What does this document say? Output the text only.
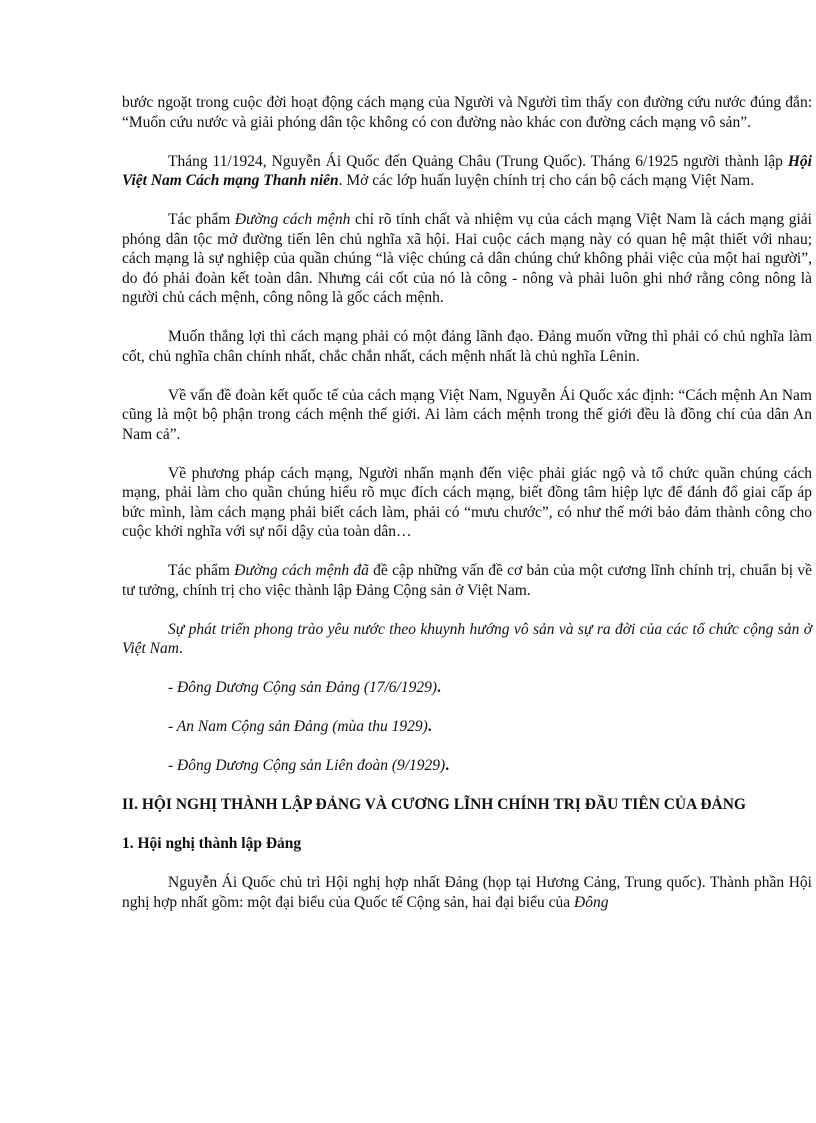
bước ngoặt trong cuộc đời hoạt động cách mạng của Người và Người tìm thấy con đường cứu nước đúng đắn: “Muốn cứu nước và giải phóng dân tộc không có con đường nào khác con đường cách mạng vô sản”.

Tháng 11/1924, Nguyễn Ái Quốc đến Quảng Châu (Trung Quốc). Tháng 6/1925 người thành lập Hội Việt Nam Cách mạng Thanh niên. Mở các lớp huấn luyện chính trị cho cán bộ cách mạng Việt Nam.

Tác phẩm Đường cách mệnh chỉ rõ tính chất và nhiệm vụ của cách mạng Việt Nam là cách mạng giải phóng dân tộc mở đường tiến lên chủ nghĩa xã hội. Hai cuộc cách mạng này có quan hệ mật thiết với nhau; cách mạng là sự nghiệp của quần chúng “là việc chúng cả dân chúng chứ không phải việc của một hai người”, do đó phải đoàn kết toàn dân. Nhưng cái cốt của nó là công - nông và phải luôn ghi nhớ rằng công nông là người chủ cách mệnh, công nông là gốc cách mệnh.

Muốn thắng lợi thì cách mạng phải có một đảng lãnh đạo. Đảng muốn vững thì phải có chủ nghĩa làm cốt, chủ nghĩa chân chính nhất, chắc chắn nhất, cách mệnh nhất là chủ nghĩa Lênin.

Về vấn đề đoàn kết quốc tế của cách mạng Việt Nam, Nguyễn Ái Quốc xác định: “Cách mệnh An Nam cũng là một bộ phận trong cách mệnh thế giới. Ai làm cách mệnh trong thế giới đều là đồng chí của dân An Nam cả”.

Về phương pháp cách mạng, Người nhấn mạnh đến việc phải giác ngộ và tổ chức quần chúng cách mạng, phải làm cho quần chúng hiểu rõ mục đích cách mạng, biết đồng tâm hiệp lực để đánh đổ giai cấp áp bức mình, làm cách mạng phải biết cách làm, phải có “mưu chước”, có như thế mới bảo đảm thành công cho cuộc khởi nghĩa với sự nổi dậy của toàn dân…

Tác phẩm Đường cách mệnh đã đề cập những vấn đề cơ bản của một cương lĩnh chính trị, chuẩn bị về tư tưởng, chính trị cho việc thành lập Đảng Cộng sản ở Việt Nam.

Sự phát triển phong trào yêu nước theo khuynh hướng vô sản và sự ra đời của các tổ chức cộng sản ở Việt Nam.

- Đông Dương Cộng sản Đảng (17/6/1929).

- An Nam Cộng sản Đảng (mùa thu 1929).

- Đông Dương Cộng sản Liên đoàn (9/1929).

II. HỘI NGHỊ THÀNH LẬP ĐẢNG VÀ CƯƠNG LĨNH CHÍNH TRỊ ĐẦU TIÊN CỦA ĐẢNG

1. Hội nghị thành lập Đảng

Nguyễn Ái Quốc chủ trì Hội nghị hợp nhất Đảng (họp tại Hương Cảng, Trung quốc). Thành phần Hội nghị hợp nhất gồm: một đại biểu của Quốc tế Cộng sản, hai đại biểu của Đông
